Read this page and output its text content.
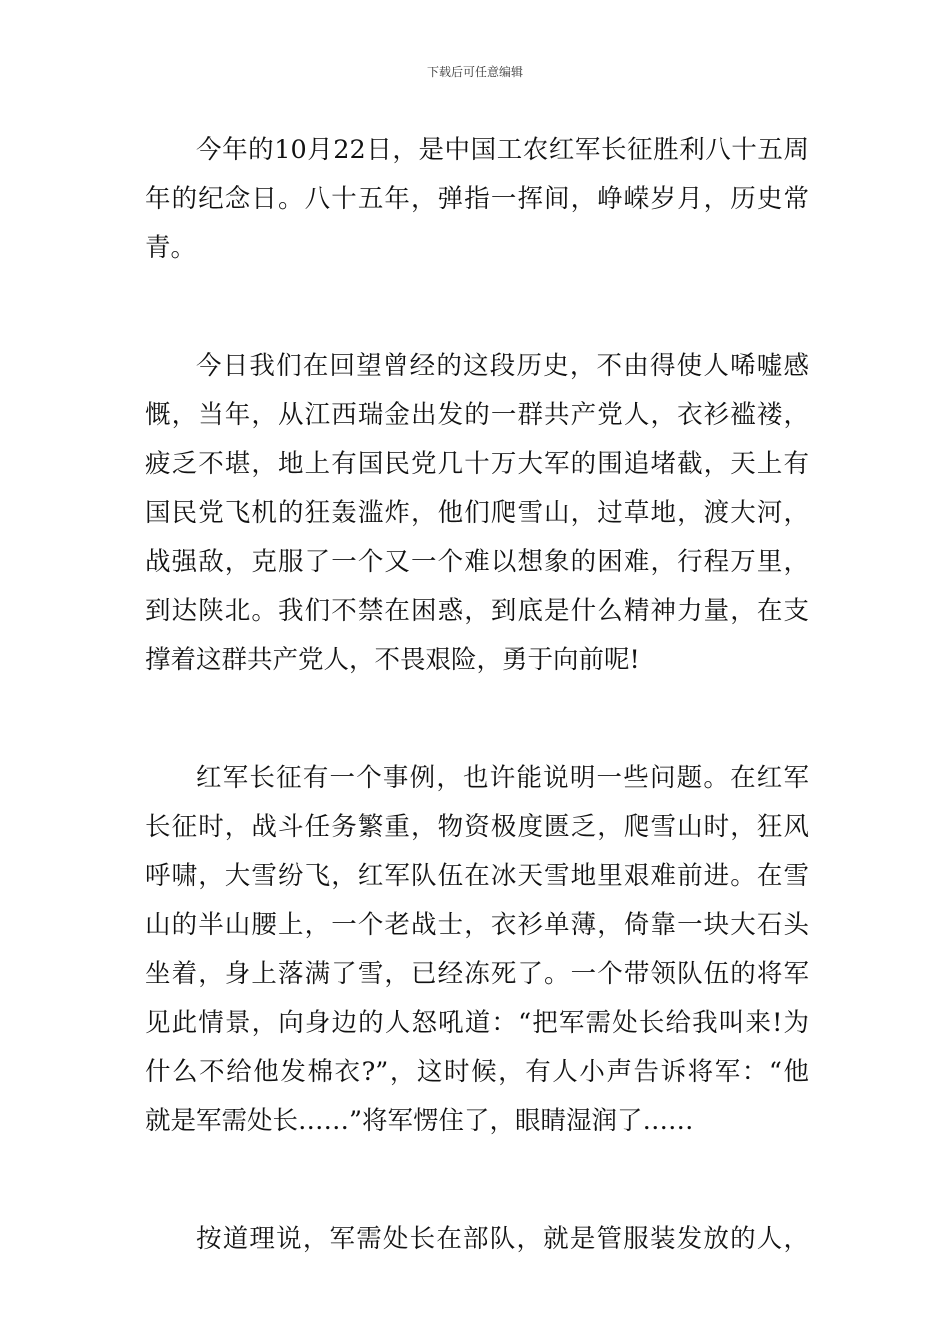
下载后可任意编辑

今年的10月22日，是中国工农红军长征胜利八十五周
年的纪念日。八十五年，弹指一挥间，峥嵘岁月，历史常
青。

今日我们在回望曾经的这段历史，不由得使人唏嘘感
慨，当年，从江西瑞金出发的一群共产党人，衣衫褴褛，
疲乏不堪，地上有国民党几十万大军的围追堵截，天上有
国民党飞机的狂轰滥炸，他们爬雪山，过草地，渡大河，
战强敌，克服了一个又一个难以想象的困难，行程万里，
到达陕北。我们不禁在困惑，到底是什么精神力量，在支
撑着这群共产党人，不畏艰险，勇于向前呢!

红军长征有一个事例，也许能说明一些问题。在红军
长征时，战斗任务繁重，物资极度匮乏，爬雪山时，狂风
呼啸，大雪纷飞，红军队伍在冰天雪地里艰难前进。在雪
山的半山腰上，一个老战士，衣衫单薄，倚靠一块大石头
坐着，身上落满了雪，已经冻死了。一个带领队伍的将军
见此情景，向身边的人怒吼道：“把军需处长给我叫来!为
什么不给他发棉衣?”，这时候，有人小声告诉将军：“他
就是军需处长……”将军愣住了，眼睛湿润了……

按道理说，军需处长在部队，就是管服装发放的人，
